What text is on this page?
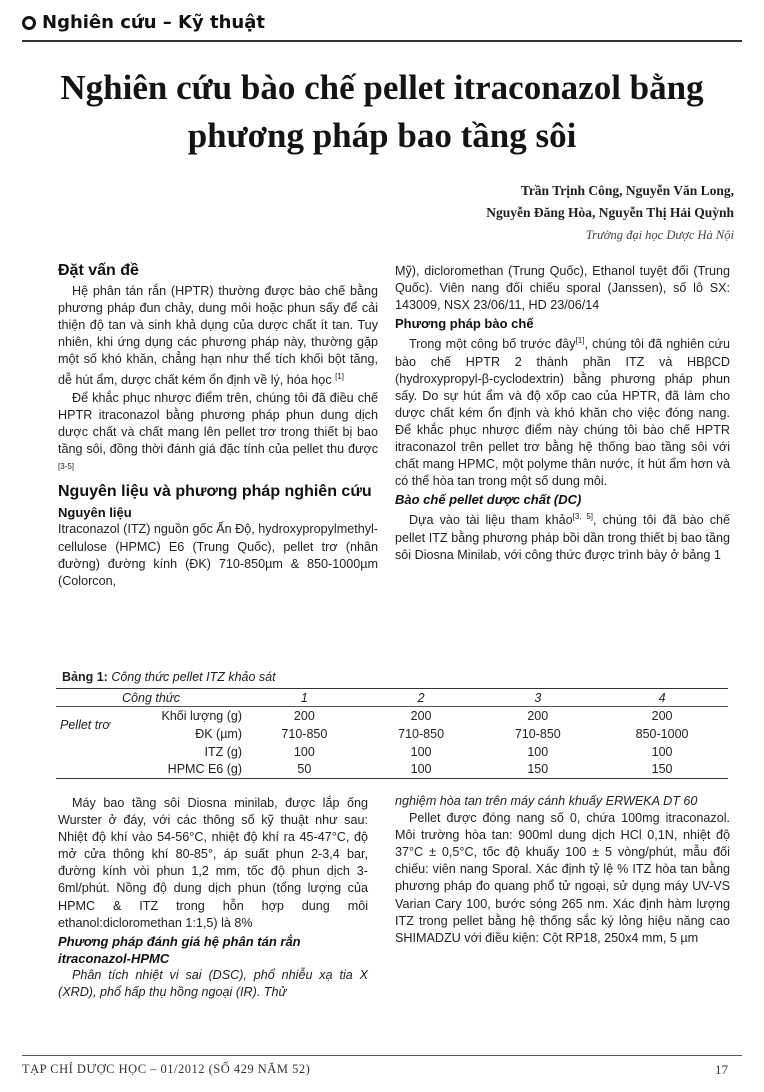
Nghiên cứu – Kỹ thuật
Nghiên cứu bào chế pellet itraconazol bằng
phương pháp bao tầng sôi
Trần Trịnh Công, Nguyễn Văn Long,
Nguyễn Đăng Hòa, Nguyễn Thị Hải Quỳnh
Trường đại học Dược Hà Nội
Đặt vấn đề

Hệ phân tán rắn (HPTR) thường được bào chế bằng phương pháp đun chảy, dung môi hoặc phun sấy để cải thiện độ tan và sinh khả dụng của dược chất ít tan. Tuy nhiên, khi ứng dụng các phương pháp này, thường gặp một số khó khăn, chẳng hạn như thể tích khối bột tăng, dễ hút ẩm, dược chất kém ổn định về lý, hóa học [1]

Để khắc phục nhược điểm trên, chúng tôi đã điều chế HPTR itraconazol bằng phương pháp phun dung dịch dược chất và chất mang lên pellet trơ trong thiết bị bao tầng sôi, đồng thời đánh giá đặc tính của pellet thu được [3-5]

Nguyên liệu và phương pháp nghiên cứu
Nguyên liệu

Itraconazol (ITZ) nguồn gốc Ấn Độ, hydroxypropylmethyl- cellulose (HPMC) E6 (Trung Quốc), pellet trơ (nhân đường) đường kính (ĐK) 710-850µm & 850-1000µm (Colorcon,

Mỹ), dicloromethan (Trung Quốc), Ethanol tuyệt đối (Trung Quốc). Viên nang đối chiếu sporal (Janssen), số lô SX: 143009, NSX 23/06/11, HD 23/06/14

Phương pháp bào chế

Trong một công bố trước đây[1], chúng tôi đã nghiên cứu bào chế HPTR 2 thành phần ITZ và HBβCD (hydroxypropyl-β-cyclodextrin) bằng phương pháp phun sấy. Do sự hút ẩm và độ xốp cao của HPTR, đã làm cho dược chất kém ổn định và khó khăn cho việc đóng nang. Để khắc phục nhược điểm này chúng tôi bào chế HPTR itraconazol trên pellet trơ bằng hệ thống bao tầng sôi với chất mang HPMC, một polyme thân nước, ít hút ẩm hơn và có thể hòa tan trong một số dung môi.

Bào chế pellet dược chất (DC)

Dựa vào tài liệu tham khảo[3, 5], chúng tôi đã bào chế pellet ITZ bằng phương pháp bồi dần trong thiết bị bao tầng sôi Diosna Minilab, với công thức được trình bày ở bảng 1

Bảng 1: Công thức pellet ITZ khảo sát
Công thức		1	2	3	4
Pellet trơ	Khối lượng (g)	200	200	200	200
	ĐK (µm)	710-850	710-850	710-850	850-1000
	ITZ (g)	100	100	100	100
	HPMC E6 (g)	50	100	150	150

Máy bao tầng sôi Diosna minilab, được lắp ống Wurster ở đáy, với các thông số kỹ thuật như sau: Nhiệt độ khí vào 54-56°C, nhiệt độ khí ra 45-47°C, độ mở cửa thông khí 80-85°, áp suất phun 2-3,4 bar, đường kính vòi phun 1,2 mm, tốc độ phun dịch 3-6ml/phút. Nồng độ dung dịch phun (tổng lượng của HPMC & ITZ trong hỗn hợp dung môi ethanol:dicloromethan 1:1,5) là 8%

Phương pháp đánh giá hệ phân tán rắn itraconazol-HPMC

Phân tích nhiệt vi sai (DSC), phổ nhiễu xạ tia X (XRD), phổ hấp thụ hồng ngoại (IR). Thử

nghiệm hòa tan trên máy cánh khuấy ERWEKA DT 60

Pellet được đóng nang số 0, chứa 100mg itraconazol. Môi trường hòa tan: 900ml dung dịch HCl 0,1N, nhiệt độ 37°C ± 0,5°C, tốc độ khuấy 100 ± 5 vòng/phút, mẫu đối chiếu: viên nang Sporal. Xác định tỷ lệ % ITZ hòa tan bằng phương pháp đo quang phổ tử ngoại, sử dụng máy UV-VS Varian Cary 100, bước sóng 265 nm. Xác định hàm lượng ITZ trong pellet bằng hệ thống sắc ký lỏng hiệu năng cao SHIMADZU với điều kiện: Cột RP18, 250x4 mm, 5 µm

TẠP CHÍ DƯỢC HỌC – 01/2012 (SỐ 429 NĂM 52)	17
